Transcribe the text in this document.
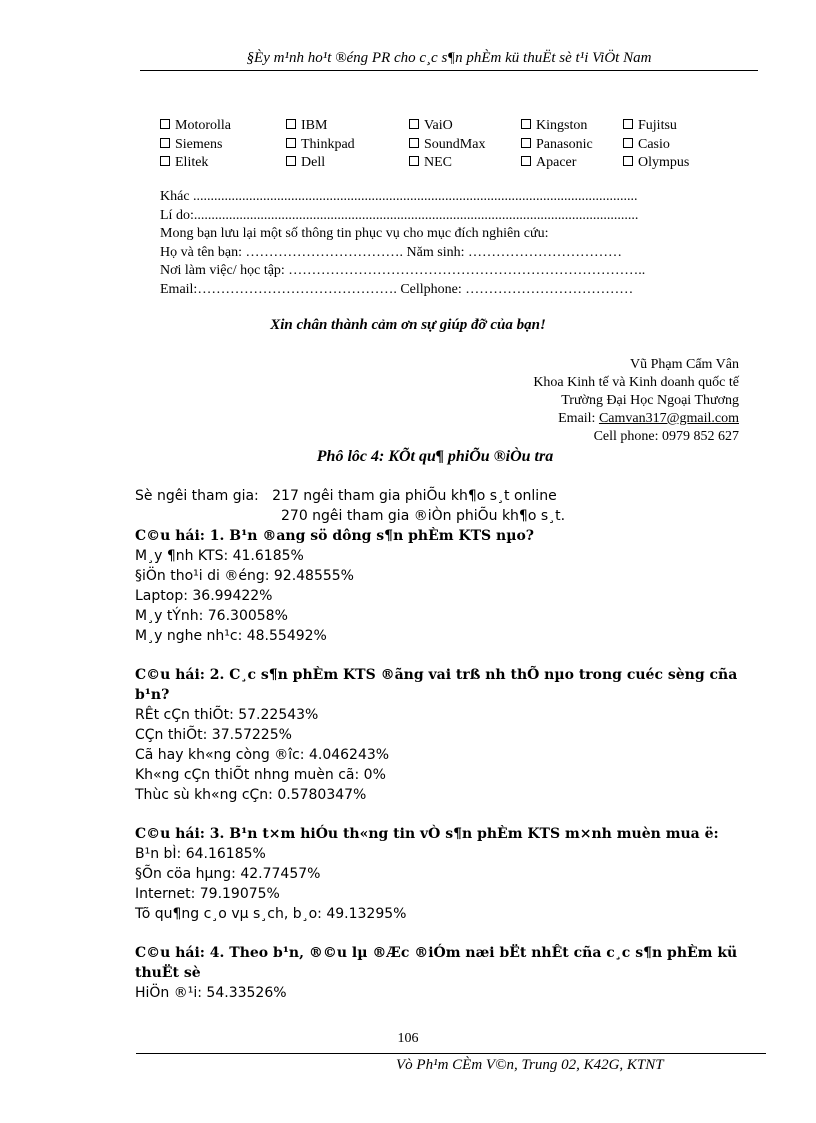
§Èy m¹nh ho¹t ®éng PR cho c¸c s¶n phÈm kü thuËt sè t¹i ViÖt Nam
Motorolla	IBM	VaiO	Kingston	Fujitsu
Siemens	Thinkpad	SoundMax	Panasonic	Casio
Elitek	Dell	NEC	Apacer	Olympus
Khác ...............................................................................................................................
Lí do:...............................................................................................................................
Mong bạn lưu lại một số thông tin phục vụ cho mục đích nghiên cứu:
Họ và tên bạn: ……………………………. Năm sinh: ……………………………
Nơi làm việc/ học tập: …………………………………………………………………..
Email:……………………………………. Cellphone: ………………………………
Xin chân thành cảm ơn sự giúp đỡ của bạn!
Vũ Phạm Cẩm Vân
Khoa Kinh tế và Kinh doanh quốc tế
Trường Đại Học Ngoại Thương
Email: Camvan317@gmail.com
Cell phone: 0979 852 627
Phô lôc 4: KÕt qu¶ phiÕu ®iÒu tra
Sè ngêi tham gia: 217 ngêi tham gia phiÕu kh¶o s¸t online
270 ngêi tham gia ®iÒn phiÕu kh¶o s¸t.
C©u hái: 1. B¹n ®ang sö dông s¶n phÈm KTS nµo?
M¸y ¶nh KTS: 41.6185%
§iÖn tho¹i di ®éng: 92.48555%
Laptop: 36.99422%
M¸y tÝnh: 76.30058%
M¸y nghe nh¹c: 48.55492%
C©u hái: 2. C¸c s¶n phÈm KTS ®ãng vai trß nh thÕ nµo trong cuéc sèng cña b¹n?
RÊt cÇn thiÕt: 57.22543%
CÇn thiÕt: 37.57225%
Cã hay kh«ng còng ®îc: 4.046243%
Kh«ng cÇn thiÕt nhng muèn cã: 0%
Thùc sù kh«ng cÇn: 0.5780347%
C©u hái: 3. B¹n t×m hiÓu th«ng tin vÒ s¶n phÈm KTS m×nh muèn mua ë:
B¹n bÌ: 64.16185%
§Õn cöa hµng: 42.77457%
Internet: 79.19075%
Tõ qu¶ng c¸o vµ s¸ch, b¸o: 49.13295%
C©u hái: 4. Theo b¹n, ®©u lµ ®Æc ®iÓm næi bËt nhÊt cña c¸c s¶n phÈm kü thuËt sè
HiÖn ®¹i: 54.33526%
106
Vò Ph¹m CÈm V©n, Trung 02, K42G, KTNT
